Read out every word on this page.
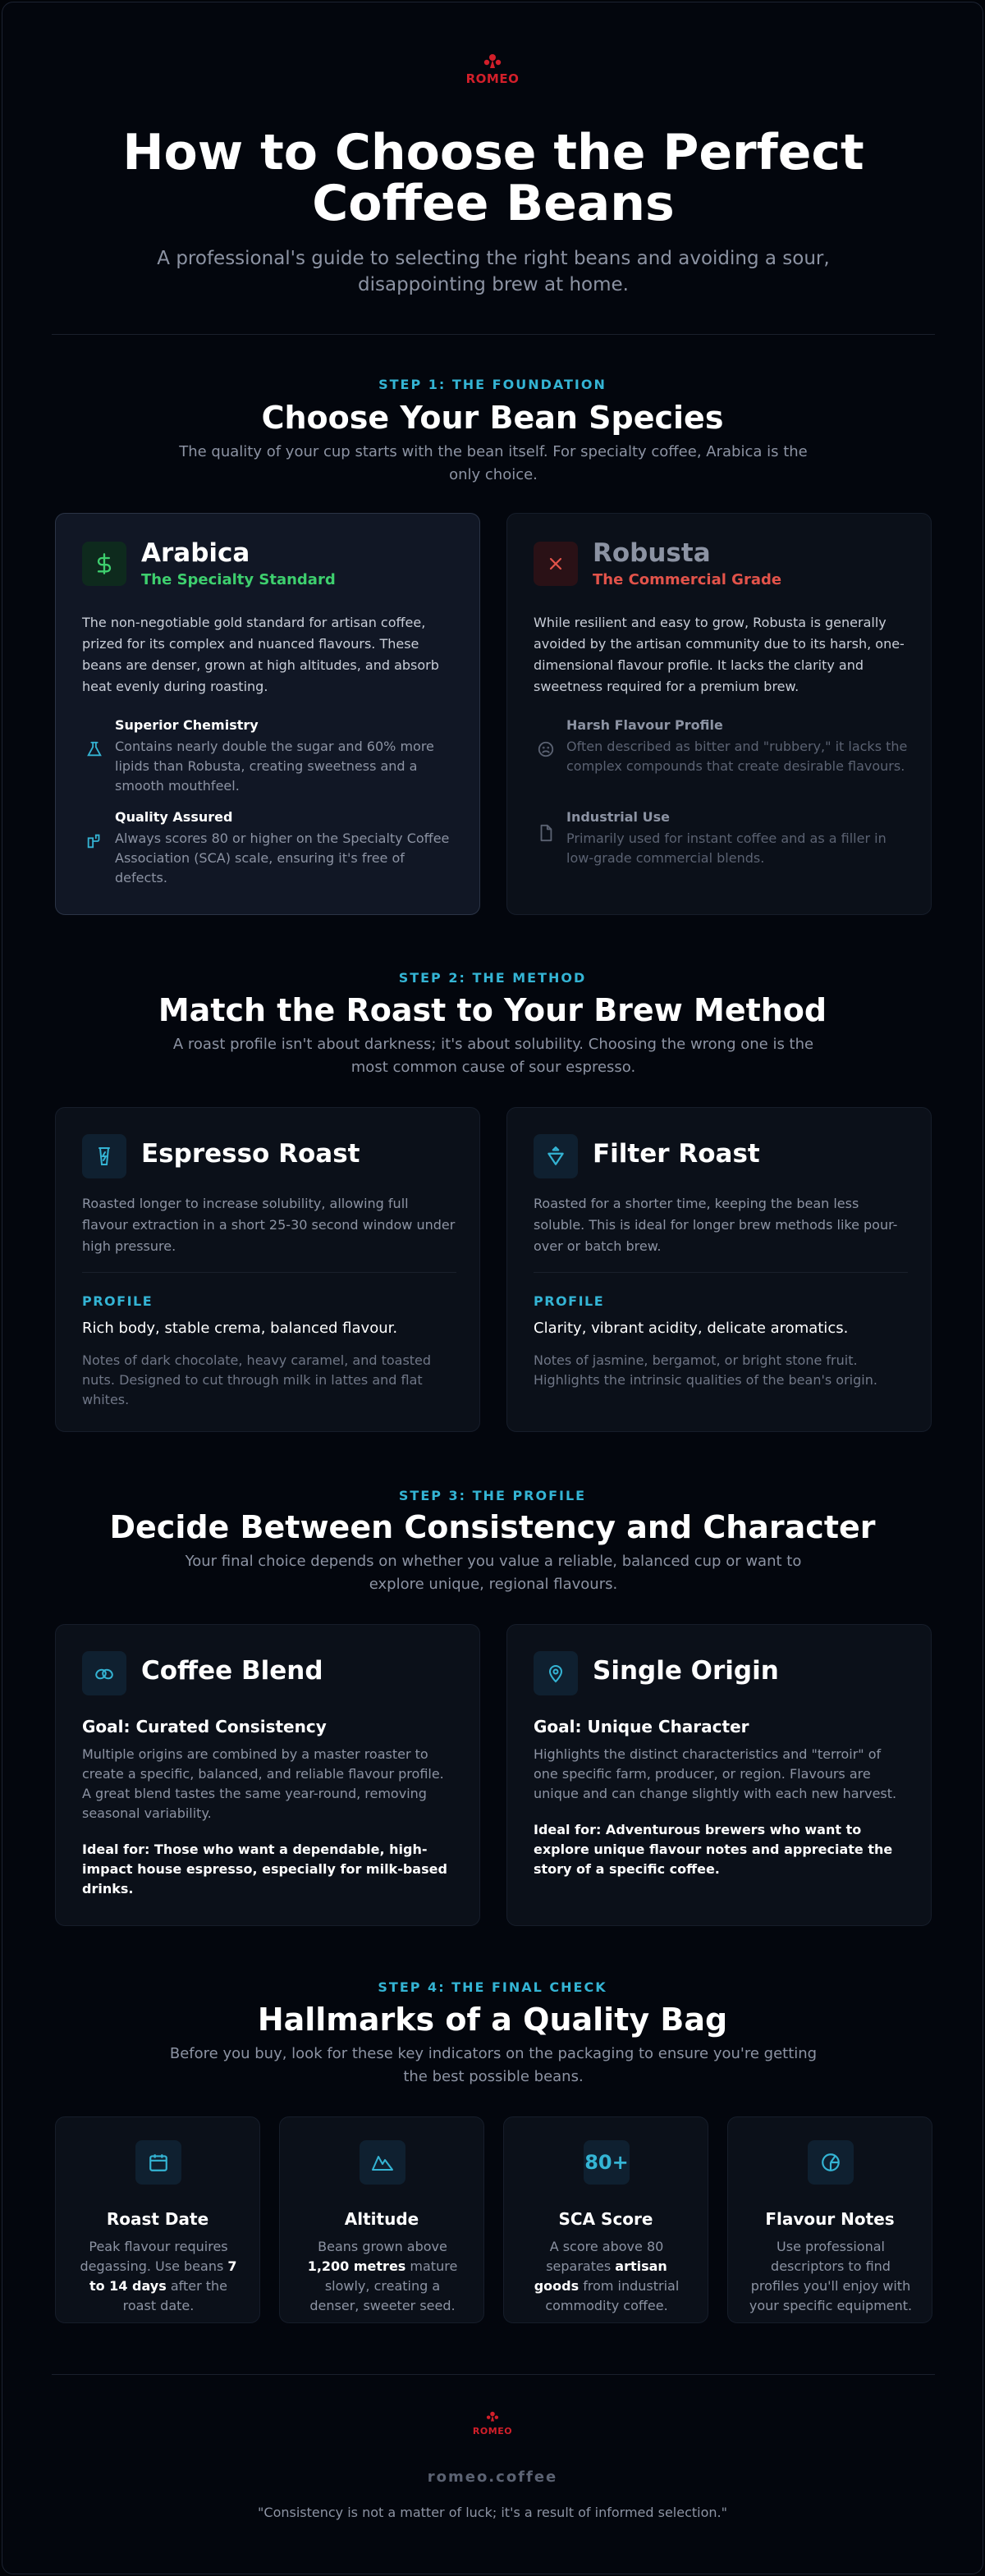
ROMEO
How to Choose the Perfect Coffee Beans
A professional's guide to selecting the right beans and avoiding a sour, disappointing brew at home.
STEP 1: THE FOUNDATION
Choose Your Bean Species
The quality of your cup starts with the bean itself. For specialty coffee, Arabica is the only choice.
Arabica
The Specialty Standard
The non-negotiable gold standard for artisan coffee, prized for its complex and nuanced flavours. These beans are denser, grown at high altitudes, and absorb heat evenly during roasting.
Superior Chemistry
Contains nearly double the sugar and 60% more lipids than Robusta, creating sweetness and a smooth mouthfeel.
Quality Assured
Always scores 80 or higher on the Specialty Coffee Association (SCA) scale, ensuring it's free of defects.
Robusta
The Commercial Grade
While resilient and easy to grow, Robusta is generally avoided by the artisan community due to its harsh, one-dimensional flavour profile. It lacks the clarity and sweetness required for a premium brew.
Harsh Flavour Profile
Often described as bitter and "rubbery," it lacks the complex compounds that create desirable flavours.
Industrial Use
Primarily used for instant coffee and as a filler in low-grade commercial blends.
STEP 2: THE METHOD
Match the Roast to Your Brew Method
A roast profile isn't about darkness; it's about solubility. Choosing the wrong one is the most common cause of sour espresso.
Espresso Roast
Roasted longer to increase solubility, allowing full flavour extraction in a short 25-30 second window under high pressure.
PROFILE
Rich body, stable crema, balanced flavour.
Notes of dark chocolate, heavy caramel, and toasted nuts. Designed to cut through milk in lattes and flat whites.
Filter Roast
Roasted for a shorter time, keeping the bean less soluble. This is ideal for longer brew methods like pour-over or batch brew.
PROFILE
Clarity, vibrant acidity, delicate aromatics.
Notes of jasmine, bergamot, or bright stone fruit. Highlights the intrinsic qualities of the bean's origin.
STEP 3: THE PROFILE
Decide Between Consistency and Character
Your final choice depends on whether you value a reliable, balanced cup or want to explore unique, regional flavours.
Coffee Blend
Goal: Curated Consistency
Multiple origins are combined by a master roaster to create a specific, balanced, and reliable flavour profile. A great blend tastes the same year-round, removing seasonal variability.
Ideal for: Those who want a dependable, high-impact house espresso, especially for milk-based drinks.
Single Origin
Goal: Unique Character
Highlights the distinct characteristics and "terroir" of one specific farm, producer, or region. Flavours are unique and can change slightly with each new harvest.
Ideal for: Adventurous brewers who want to explore unique flavour notes and appreciate the story of a specific coffee.
STEP 4: THE FINAL CHECK
Hallmarks of a Quality Bag
Before you buy, look for these key indicators on the packaging to ensure you're getting the best possible beans.
Roast Date
Peak flavour requires degassing. Use beans 7 to 14 days after the roast date.
Altitude
Beans grown above 1,200 metres mature slowly, creating a denser, sweeter seed.
80+
SCA Score
A score above 80 separates artisan goods from industrial commodity coffee.
Flavour Notes
Use professional descriptors to find profiles you'll enjoy with your specific equipment.
ROMEO
romeo.coffee
"Consistency is not a matter of luck; it's a result of informed selection."
